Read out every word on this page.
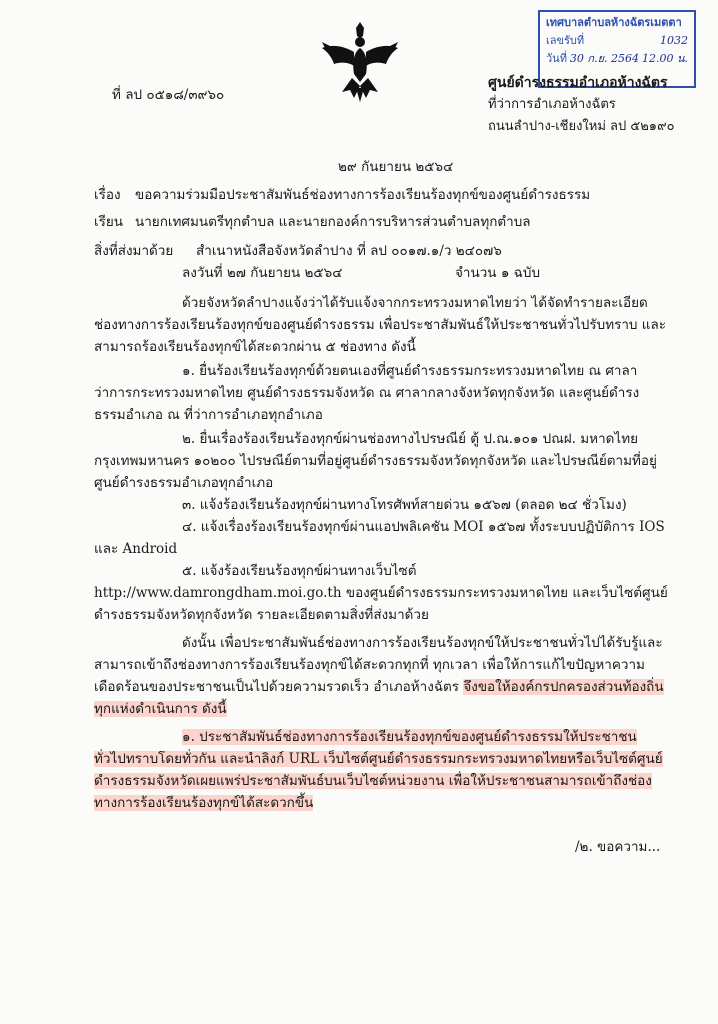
เทศบาลตำบลห้างฉัตรเมตตา
เลขรับที่	1032
วันที่ 30 ก.ย. 2564 12.00 น.
ที่ ลป ๐๕๑๘/๓๙๖๐
ศูนย์ดำรงธรรมอำเภอห้างฉัตร
ที่ว่าการอำเภอห้างฉัตร
ถนนลำปาง-เชียงใหม่ ลป ๕๒๑๙๐
๒๙ กันยายน ๒๕๖๔
เรื่อง ขอความร่วมมือประชาสัมพันธ์ช่องทางการร้องเรียนร้องทุกข์ของศูนย์ดำรงธรรม
เรียน นายกเทศมนตรีทุกตำบล และนายกองค์การบริหารส่วนตำบลทุกตำบล
สิ่งที่ส่งมาด้วย สำเนาหนังสือจังหวัดลำปาง ที่ ลป ๐๐๑๗.๑/ว ๒๔๐๗๖
ลงวันที่ ๒๗ กันยายน ๒๕๖๔	จำนวน ๑ ฉบับ
ด้วยจังหวัดลำปางแจ้งว่าได้รับแจ้งจากกระทรวงมหาดไทยว่า ได้จัดทำรายละเอียดช่องทางการร้องเรียนร้องทุกข์ของศูนย์ดำรงธรรม เพื่อประชาสัมพันธ์ให้ประชาชนทั่วไปรับทราบ และสามารถร้องเรียนร้องทุกข์ได้สะดวกผ่าน ๕ ช่องทาง ดังนี้
๑. ยื่นร้องเรียนร้องทุกข์ด้วยตนเองที่ศูนย์ดำรงธรรมกระทรวงมหาดไทย ณ ศาลาว่าการกระทรวงมหาดไทย ศูนย์ดำรงธรรมจังหวัด ณ ศาลากลางจังหวัดทุกจังหวัด และศูนย์ดำรงธรรมอำเภอ ณ ที่ว่าการอำเภอทุกอำเภอ
๒. ยื่นเรื่องร้องเรียนร้องทุกข์ผ่านช่องทางไปรษณีย์ ตู้ ป.ณ.๑๐๑ ปณฝ. มหาดไทย กรุงเทพมหานคร ๑๐๒๐๐ ไปรษณีย์ตามที่อยู่ศูนย์ดำรงธรรมจังหวัดทุกจังหวัด และไปรษณีย์ตามที่อยู่ศูนย์ดำรงธรรมอำเภอทุกอำเภอ
๓. แจ้งร้องเรียนร้องทุกข์ผ่านทางโทรศัพท์สายด่วน ๑๕๖๗ (ตลอด ๒๔ ชั่วโมง)
๔. แจ้งเรื่องร้องเรียนร้องทุกข์ผ่านแอปพลิเคชัน MOI ๑๕๖๗ ทั้งระบบปฏิบัติการ IOS และ Android
๕. แจ้งร้องเรียนร้องทุกข์ผ่านทางเว็บไซต์ http://www.damrongdham.moi.go.th ของศูนย์ดำรงธรรมกระทรวงมหาดไทย และเว็บไซต์ศูนย์ดำรงธรรมจังหวัดทุกจังหวัด รายละเอียดตามสิ่งที่ส่งมาด้วย
ดังนั้น เพื่อประชาสัมพันธ์ช่องทางการร้องเรียนร้องทุกข์ให้ประชาชนทั่วไปได้รับรู้และสามารถเข้าถึงช่องทางการร้องเรียนร้องทุกข์ได้สะดวกทุกที่ ทุกเวลา เพื่อให้การแก้ไขปัญหาความเดือดร้อนของประชาชนเป็นไปด้วยความรวดเร็ว อำเภอห้างฉัตร จึงขอให้องค์กรปกครองส่วนท้องถิ่นทุกแห่งดำเนินการ ดังนี้
๑. ประชาสัมพันธ์ช่องทางการร้องเรียนร้องทุกข์ของศูนย์ดำรงธรรมให้ประชาชนทั่วไปทราบโดยทั่วกัน และนำลิงก์ URL เว็บไซต์ศูนย์ดำรงธรรมกระทรวงมหาดไทยหรือเว็บไซต์ศูนย์ดำรงธรรมจังหวัดเผยแพร่ประชาสัมพันธ์บนเว็บไซต์หน่วยงาน เพื่อให้ประชาชนสามารถเข้าถึงช่องทางการร้องเรียนร้องทุกข์ได้สะดวกขึ้น
/๒. ขอความ...
